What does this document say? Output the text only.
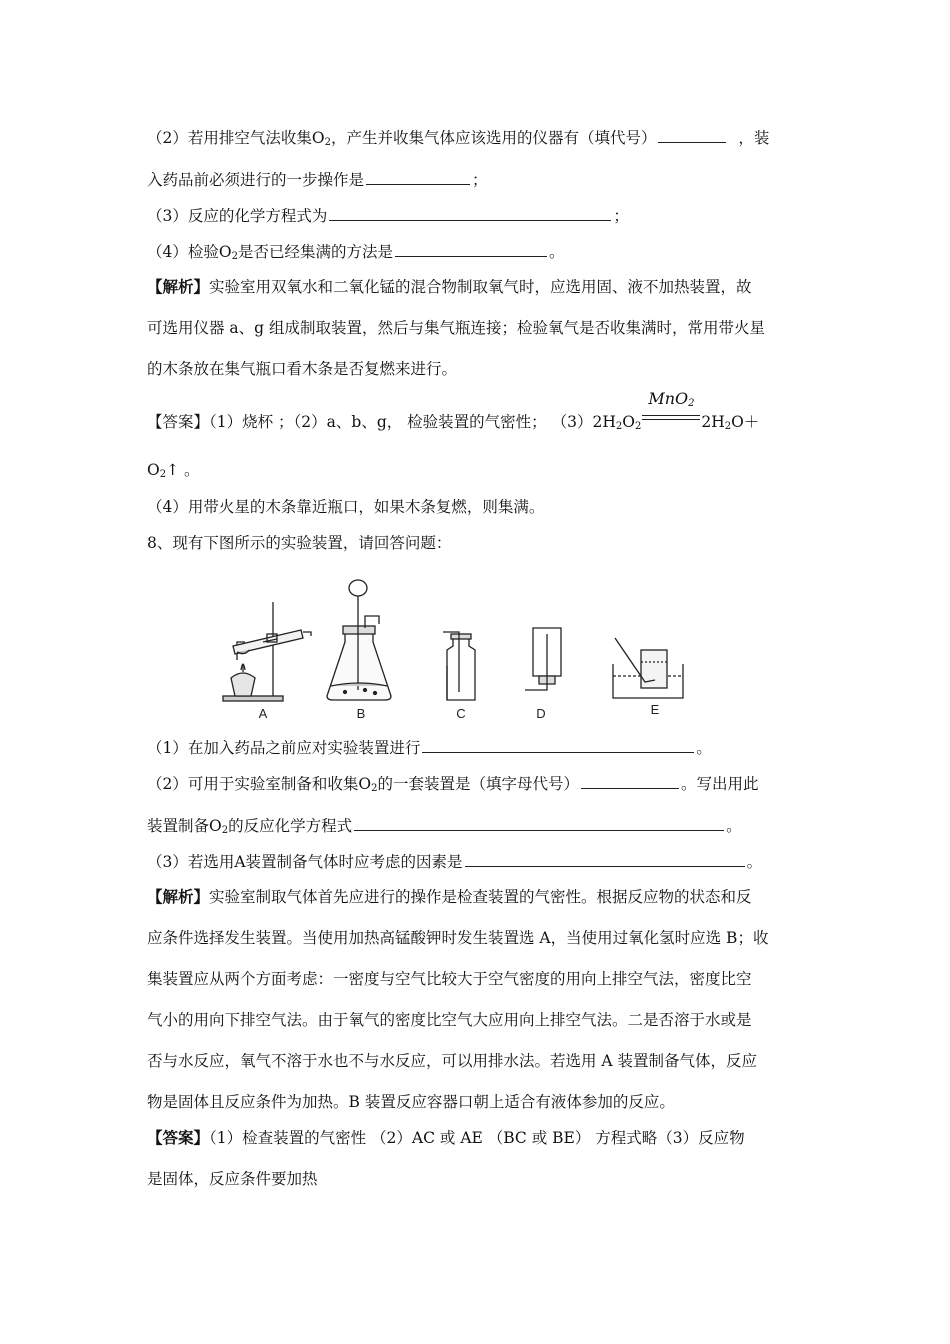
（2）若用排空气法收集$O_2$，产生并收集气体应该选用的仪器有（填代号）	，装
入药品前必须进行的一步操作是	；
（3）反应的化学方程式为	；
（4）检验$O_2$是否已经集满的方法是	。
【解析】实验室用双氧水和二氧化锰的混合物制取氧气时，应选用固、液不加热装置，故
可选用仪器 a、g 组成制取装置，然后与集气瓶连接；检验氧气是否收集满时，常用带火星
的木条放在集气瓶口看木条是否复燃来进行。
【答案】（1）烧杯 ；（2）a、b、g， 检验装置的气密性； $(3)2H_2O_2$
MnO$_2$
$2H_2O+$
$O_2↑$ 。
（4）用带火星的木条靠近瓶口，如果木条复燃，则集满。
8、现有下图所示的实验装置，请回答问题：
A	B	C	D	E
（1）在加入药品之前应对实验装置进行	。
（2）可用于实验室制备和收集$O_2$的一套装置是（填字母代号）	。写出用此
装置制备$O_2$的反应化学方程式	。
（3）若选用A装置制备气体时应考虑的因素是	。
【解析】实验室制取气体首先应进行的操作是检查装置的气密性。根据反应物的状态和反
应条件选择发生装置。当使用加热高锰酸钾时发生装置选 A，当使用过氧化氢时应选 B；收
集装置应从两个方面考虑：一密度与空气比较大于空气密度的用向上排空气法，密度比空
气小的用向下排空气法。由于氧气的密度比空气大应用向上排空气法。二是否溶于水或是
否与水反应，氧气不溶于水也不与水反应，可以用排水法。若选用 A 装置制备气体，反应
物是固体且反应条件为加热。B 装置反应容器口朝上适合有液体参加的反应。
【答案】（1）检查装置的气密性 （2）AC 或 AE （BC 或 BE） 方程式略（3）反应物
是固体，反应条件要加热
